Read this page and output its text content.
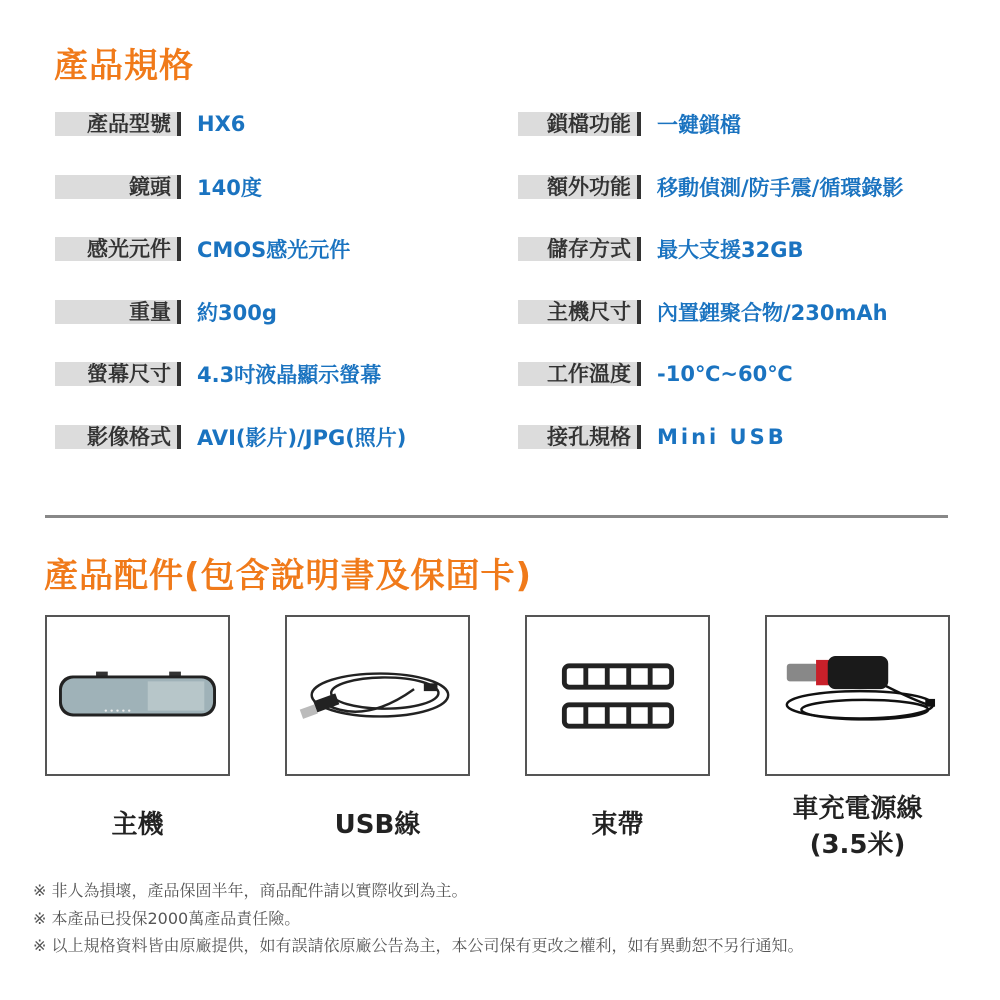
產品規格
產品型號 HX6
鏡頭 140度
感光元件 CMOS感光元件
重量 約300g
螢幕尺寸 4.3吋液晶顯示螢幕
影像格式 AVI(影片)/JPG(照片)
鎖檔功能 一鍵鎖檔
額外功能 移動偵測/防手震/循環錄影
儲存方式 最大支援32GB
主機尺寸 內置鋰聚合物/230mAh
工作溫度 -10℃~60℃
接孔規格 Mini USB
產品配件(包含說明書及保固卡)
主機	USB線	束帶
車充電源線
(3.5米)
※ 非人為損壞，產品保固半年，商品配件請以實際收到為主。
※ 本產品已投保2000萬產品責任險。
※ 以上規格資料皆由原廠提供，如有誤請依原廠公告為主，本公司保有更改之權利，如有異動恕不另行通知。
